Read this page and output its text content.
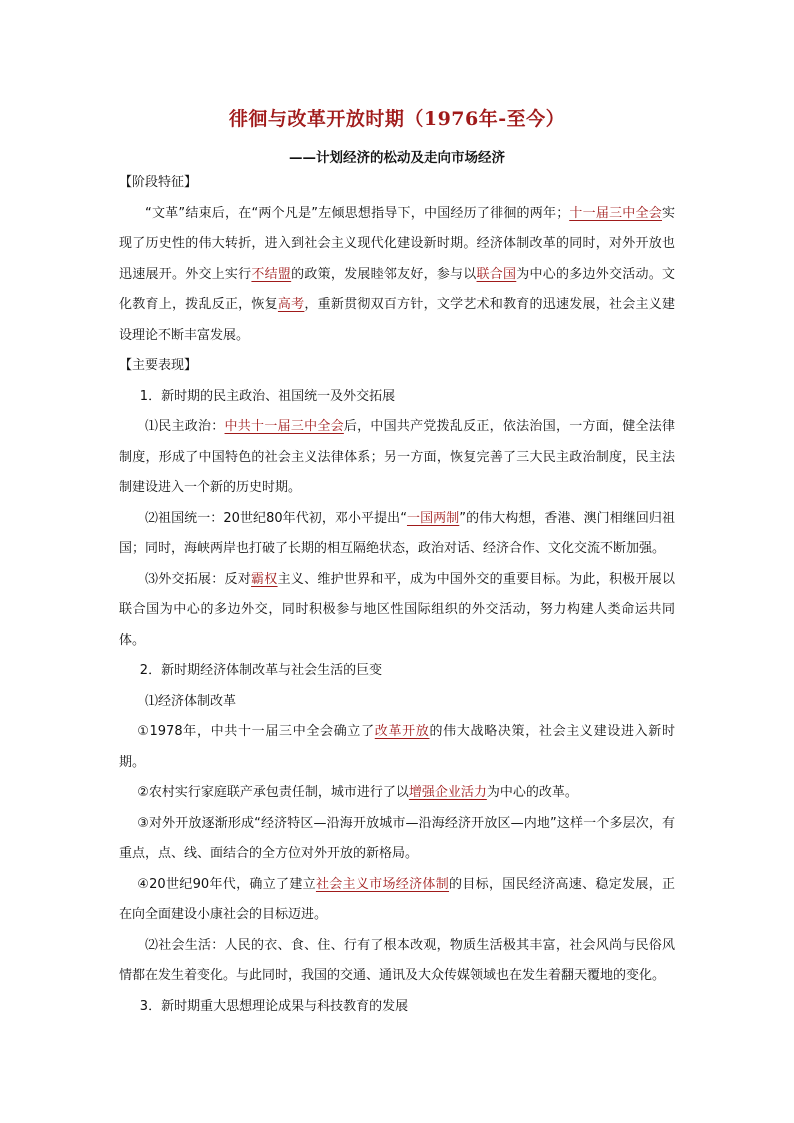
徘徊与改革开放时期（1976年-至今）
——计划经济的松动及走向市场经济

【阶段特征】

“文革”结束后，在“两个凡是”左倾思想指导下，中国经历了徘徊的两年；十一届三中全会实现了历史性的伟大转折，进入到社会主义现代化建设新时期。经济体制改革的同时，对外开放也迅速展开。外交上实行不结盟的政策，发展睦邻友好，参与以联合国为中心的多边外交活动。文化教育上，拨乱反正，恢复高考，重新贯彻双百方针，文学艺术和教育的迅速发展，社会主义建设理论不断丰富发展。

【主要表现】

1．新时期的民主政治、祖国统一及外交拓展

⑴民主政治：中共十一届三中全会后，中国共产党拨乱反正，依法治国，一方面，健全法律制度，形成了中国特色的社会主义法律体系；另一方面，恢复完善了三大民主政治制度，民主法制建设进入一个新的历史时期。

⑵祖国统一：20世纪80年代初，邓小平提出“一国两制”的伟大构想，香港、澳门相继回归祖国；同时，海峡两岸也打破了长期的相互隔绝状态，政治对话、经济合作、文化交流不断加强。

⑶外交拓展：反对霸权主义、维护世界和平，成为中国外交的重要目标。为此，积极开展以联合国为中心的多边外交，同时积极参与地区性国际组织的外交活动，努力构建人类命运共同体。

2．新时期经济体制改革与社会生活的巨变

⑴经济体制改革

①1978年，中共十一届三中全会确立了改革开放的伟大战略决策，社会主义建设进入新时期。

②农村实行家庭联产承包责任制，城市进行了以增强企业活力为中心的改革。

③对外开放逐渐形成“经济特区—沿海开放城市—沿海经济开放区—内地”这样一个多层次，有重点，点、线、面结合的全方位对外开放的新格局。

④20世纪90年代，确立了建立社会主义市场经济体制的目标，国民经济高速、稳定发展，正在向全面建设小康社会的目标迈进。

⑵社会生活：人民的衣、食、住、行有了根本改观，物质生活极其丰富，社会风尚与民俗风情都在发生着变化。与此同时，我国的交通、通讯及大众传媒领域也在发生着翻天覆地的变化。

3．新时期重大思想理论成果与科技教育的发展
